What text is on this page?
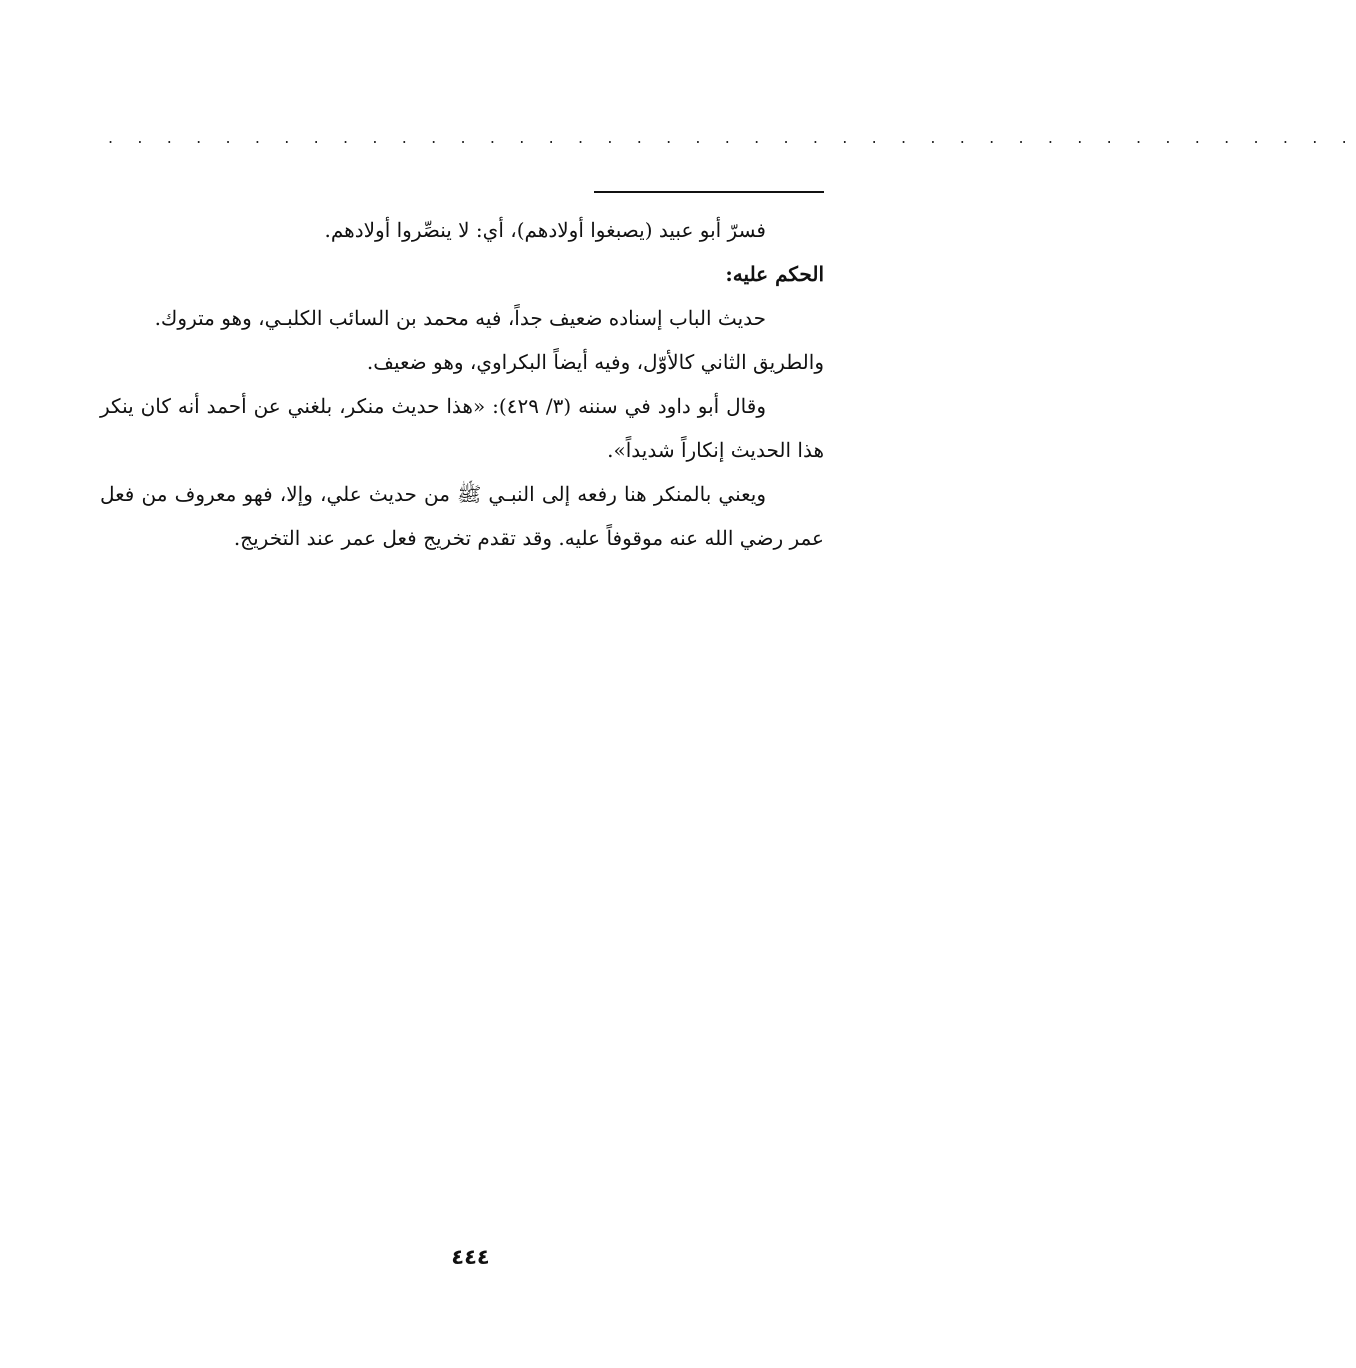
. . . . . . . . . . . . . . . . . . . . . . . . . . . . . . . . . . . . . . . . . . .

فسرّ أبو عبيد (يصبغوا أولادهم)، أي: لا ينصِّروا أولادهم.

الحكم عليه:

حديث الباب إسناده ضعيف جداً، فيه محمد بن السائب الكلبـي، وهو متروك.

والطريق الثاني كالأوّل، وفيه أيضاً البكراوي، وهو ضعيف.

وقال أبو داود في سننه (٣/ ٤٢٩): «هذا حديث منكر، بلغني عن أحمد أنه كان ينكر هذا الحديث إنكاراً شديداً».

ويعني بالمنكر هنا رفعه إلى النبـي ﷺ من حديث علي، وإلا، فهو معروف من فعل عمر رضي الله عنه موقوفاً عليه. وقد تقدم تخريج فعل عمر عند التخريج.

٤٤٤
